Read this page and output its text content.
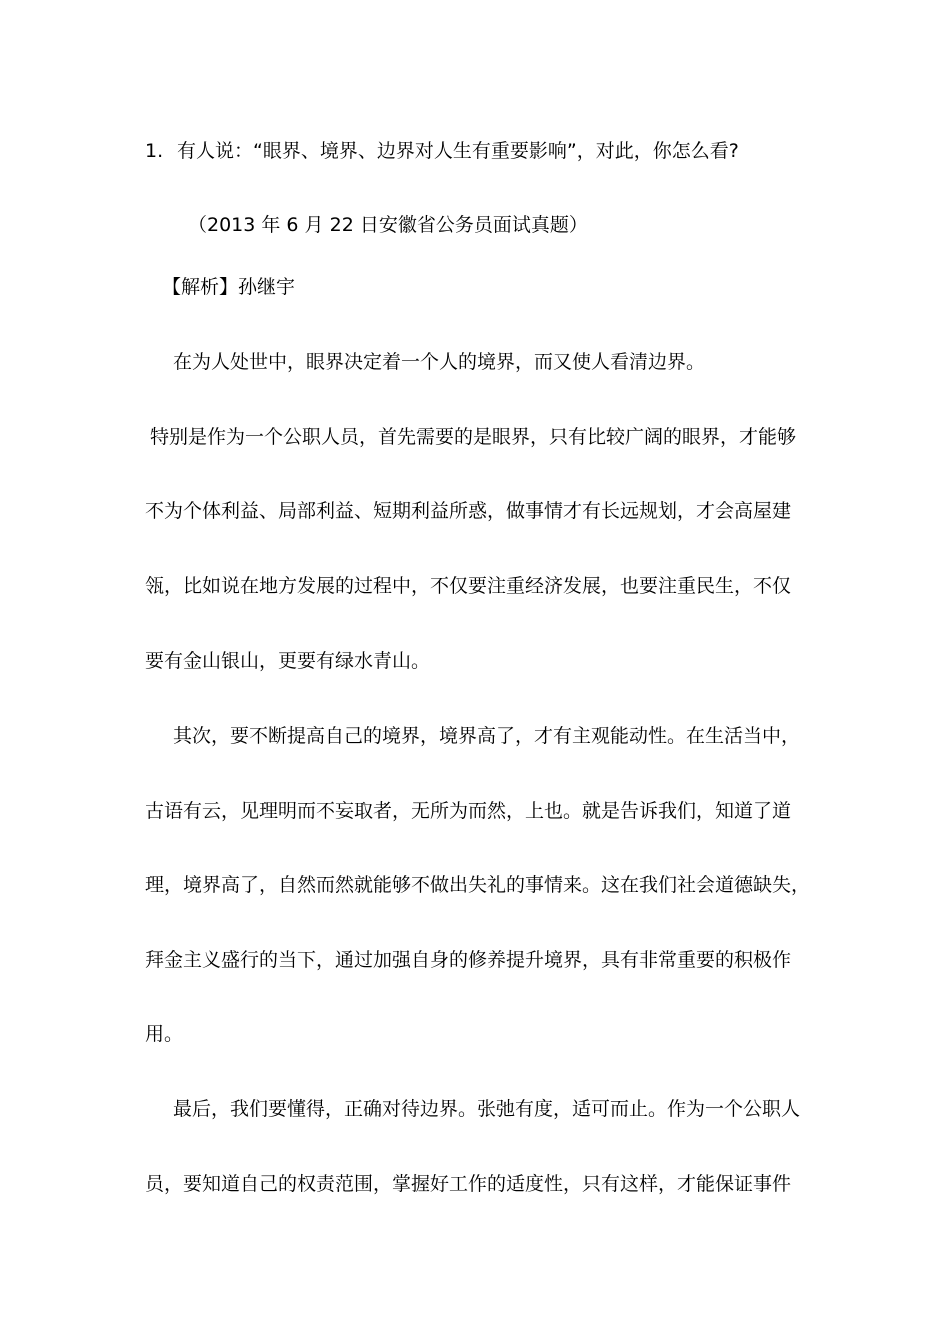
1. 有人说：“眼界、境界、边界对人生有重要影响”，对此，你怎么看?
（2013 年 6 月 22 日安徽省公务员面试真题）
【解析】孙继宇
在为人处世中，眼界决定着一个人的境界，而又使人看清边界。
特别是作为一个公职人员，首先需要的是眼界，只有比较广阔的眼界，才能够
不为个体利益、局部利益、短期利益所惑，做事情才有长远规划，才会高屋建
瓴，比如说在地方发展的过程中，不仅要注重经济发展，也要注重民生，不仅
要有金山银山，更要有绿水青山。
其次，要不断提高自己的境界，境界高了，才有主观能动性。在生活当中，
古语有云，见理明而不妄取者，无所为而然，上也。就是告诉我们，知道了道
理，境界高了，自然而然就能够不做出失礼的事情来。这在我们社会道德缺失，
拜金主义盛行的当下，通过加强自身的修养提升境界，具有非常重要的积极作
用。
最后，我们要懂得，正确对待边界。张弛有度，适可而止。作为一个公职人
员，要知道自己的权责范围，掌握好工作的适度性，只有这样，才能保证事件
